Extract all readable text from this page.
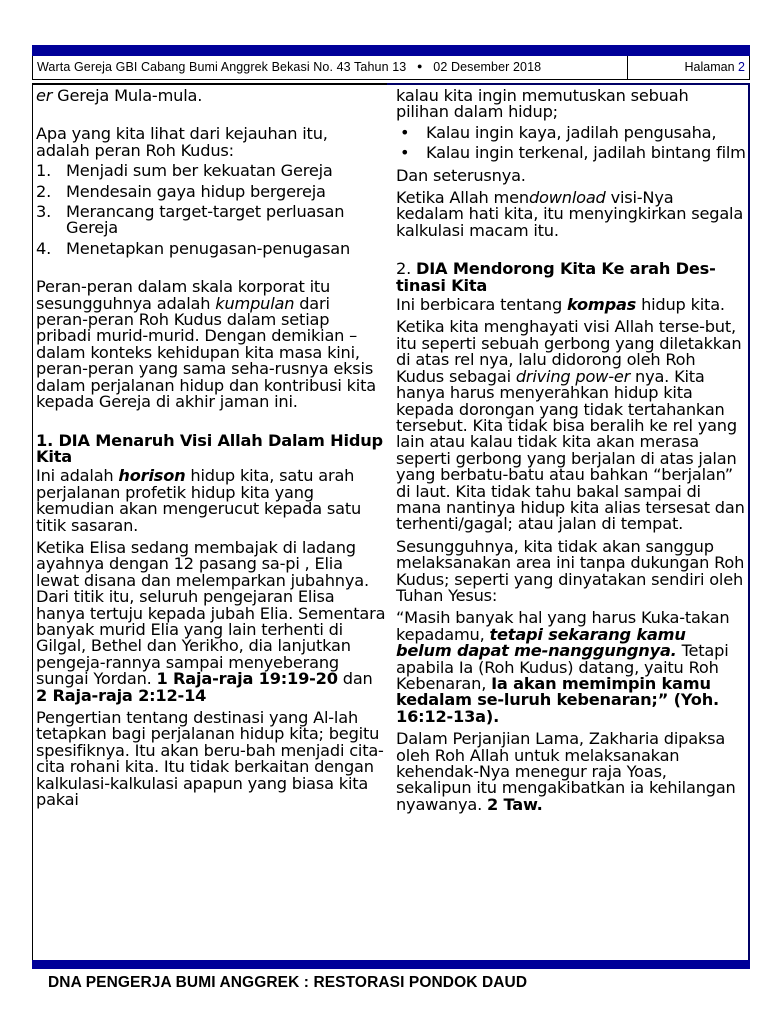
Warta Gereja GBI Cabang Bumi Anggrek Bekasi No. 43 Tahun 13 ● 02 Desember 2018	Halaman 2

er Gereja Mula-mula.

Apa yang kita lihat dari kejauhan itu, adalah peran Roh Kudus:

1. Menjadi sum ber kekuatan Gereja
2. Mendesain gaya hidup bergereja
3. Merancang target-target perluasan Gereja
4. Menetapkan penugasan-penugasan

Peran-peran dalam skala korporat itu sesungguhnya adalah kumpulan dari peran-peran Roh Kudus dalam setiap pribadi murid-murid. Dengan demikian – dalam konteks kehidupan kita masa kini, peran-peran yang sama seha-rusnya eksis dalam perjalanan hidup dan kontribusi kita kepada Gereja di akhir jaman ini.

1. DIA Menaruh Visi Allah Dalam Hidup Kita

Ini adalah horison hidup kita, satu arah perjalanan profetik hidup kita yang kemudian akan mengerucut kepada satu titik sasaran.

Ketika Elisa sedang membajak di ladang ayahnya dengan 12 pasang sa-pi , Elia lewat disana dan melemparkan jubahnya. Dari titik itu, seluruh pengejaran Elisa hanya tertuju kepada jubah Elia. Sementara banyak murid Elia yang lain terhenti di Gilgal, Bethel dan Yerikho, dia lanjutkan pengeja-rannya sampai menyeberang sungai Yordan. 1 Raja-raja 19:19-20 dan 2 Raja-raja 2:12-14

Pengertian tentang destinasi yang Al-lah tetapkan bagi perjalanan hidup kita; begitu spesifiknya. Itu akan beru-bah menjadi cita-cita rohani kita. Itu tidak berkaitan dengan kalkulasi-kalkulasi apapun yang biasa kita pakai

kalau kita ingin memutuskan sebuah pilihan dalam hidup;

• Kalau ingin kaya, jadilah pengusaha,
• Kalau ingin terkenal, jadilah bintang film

Dan seterusnya.

Ketika Allah mendownload visi-Nya kedalam hati kita, itu menyingkirkan segala kalkulasi macam itu.

2. DIA Mendorong Kita Ke arah Des-tinasi Kita

Ini berbicara tentang kompas hidup kita.

Ketika kita menghayati visi Allah terse-but, itu seperti sebuah gerbong yang diletakkan di atas rel nya, lalu didorong oleh Roh Kudus sebagai driving pow-er nya. Kita hanya harus menyerahkan hidup kita kepada dorongan yang tidak tertahankan tersebut. Kita tidak bisa beralih ke rel yang lain atau kalau tidak kita akan merasa seperti gerbong yang berjalan di atas jalan yang berbatu-batu atau bahkan “berjalan” di laut. Kita tidak tahu bakal sampai di mana nantinya hidup kita alias tersesat dan terhenti/gagal; atau jalan di tempat.

Sesungguhnya, kita tidak akan sanggup melaksanakan area ini tanpa dukungan Roh Kudus; seperti yang dinyatakan sendiri oleh Tuhan Yesus:

“Masih banyak hal yang harus Kuka-takan kepadamu, tetapi sekarang kamu belum dapat me-nanggungnya. Tetapi apabila Ia (Roh Kudus) datang, yaitu Roh Kebenaran, Ia akan memimpin kamu kedalam se-luruh kebenaran;” (Yoh. 16:12-13a).

Dalam Perjanjian Lama, Zakharia dipaksa oleh Roh Allah untuk melaksanakan kehendak-Nya menegur raja Yoas, sekalipun itu mengakibatkan ia kehilangan nyawanya. 2 Taw.

DNA PENGERJA BUMI ANGGREK : RESTORASI PONDOK DAUD
